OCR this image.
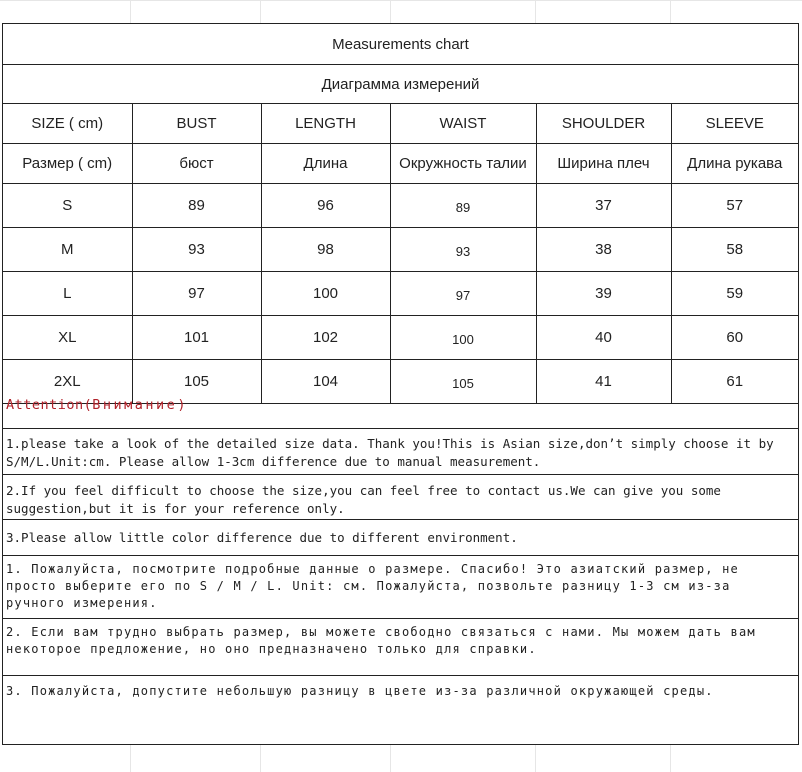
Measurements chart
Диаграмма измерений
SIZE ( cm)	BUST	LENGTH	WAIST	SHOULDER	SLEEVE
Размер ( cm)	бюст	Длина	Окружность талии	Ширина плеч	Длина рукава
S	89	96	89	37	57
M	93	98	93	38	58
L	97	100	97	39	59
XL	101	102	100	40	60
2XL	105	104	105	41	61
Attention(Внимание)
1.please take a look of the detailed size data. Thank you!This is Asian size,don’t simply choose it by S/M/L.Unit:cm. Please allow 1-3cm difference due to manual measurement.
2.If you feel difficult to choose the size,you can feel free to contact us.We can give you some suggestion,but it is for your reference only.
3.Please allow little color difference due to different environment.
1. Пожалуйста, посмотрите подробные данные о размере. Спасибо! Это азиатский размер, не просто выберите его по S / M / L. Unit: см. Пожалуйста, позвольте разницу 1-3 см из-за ручного измерения.
2. Если вам трудно выбрать размер, вы можете свободно связаться с нами. Мы можем дать вам некоторое предложение, но оно предназначено только для справки.
3. Пожалуйста, допустите небольшую разницу в цвете из-за различной окружающей среды.
